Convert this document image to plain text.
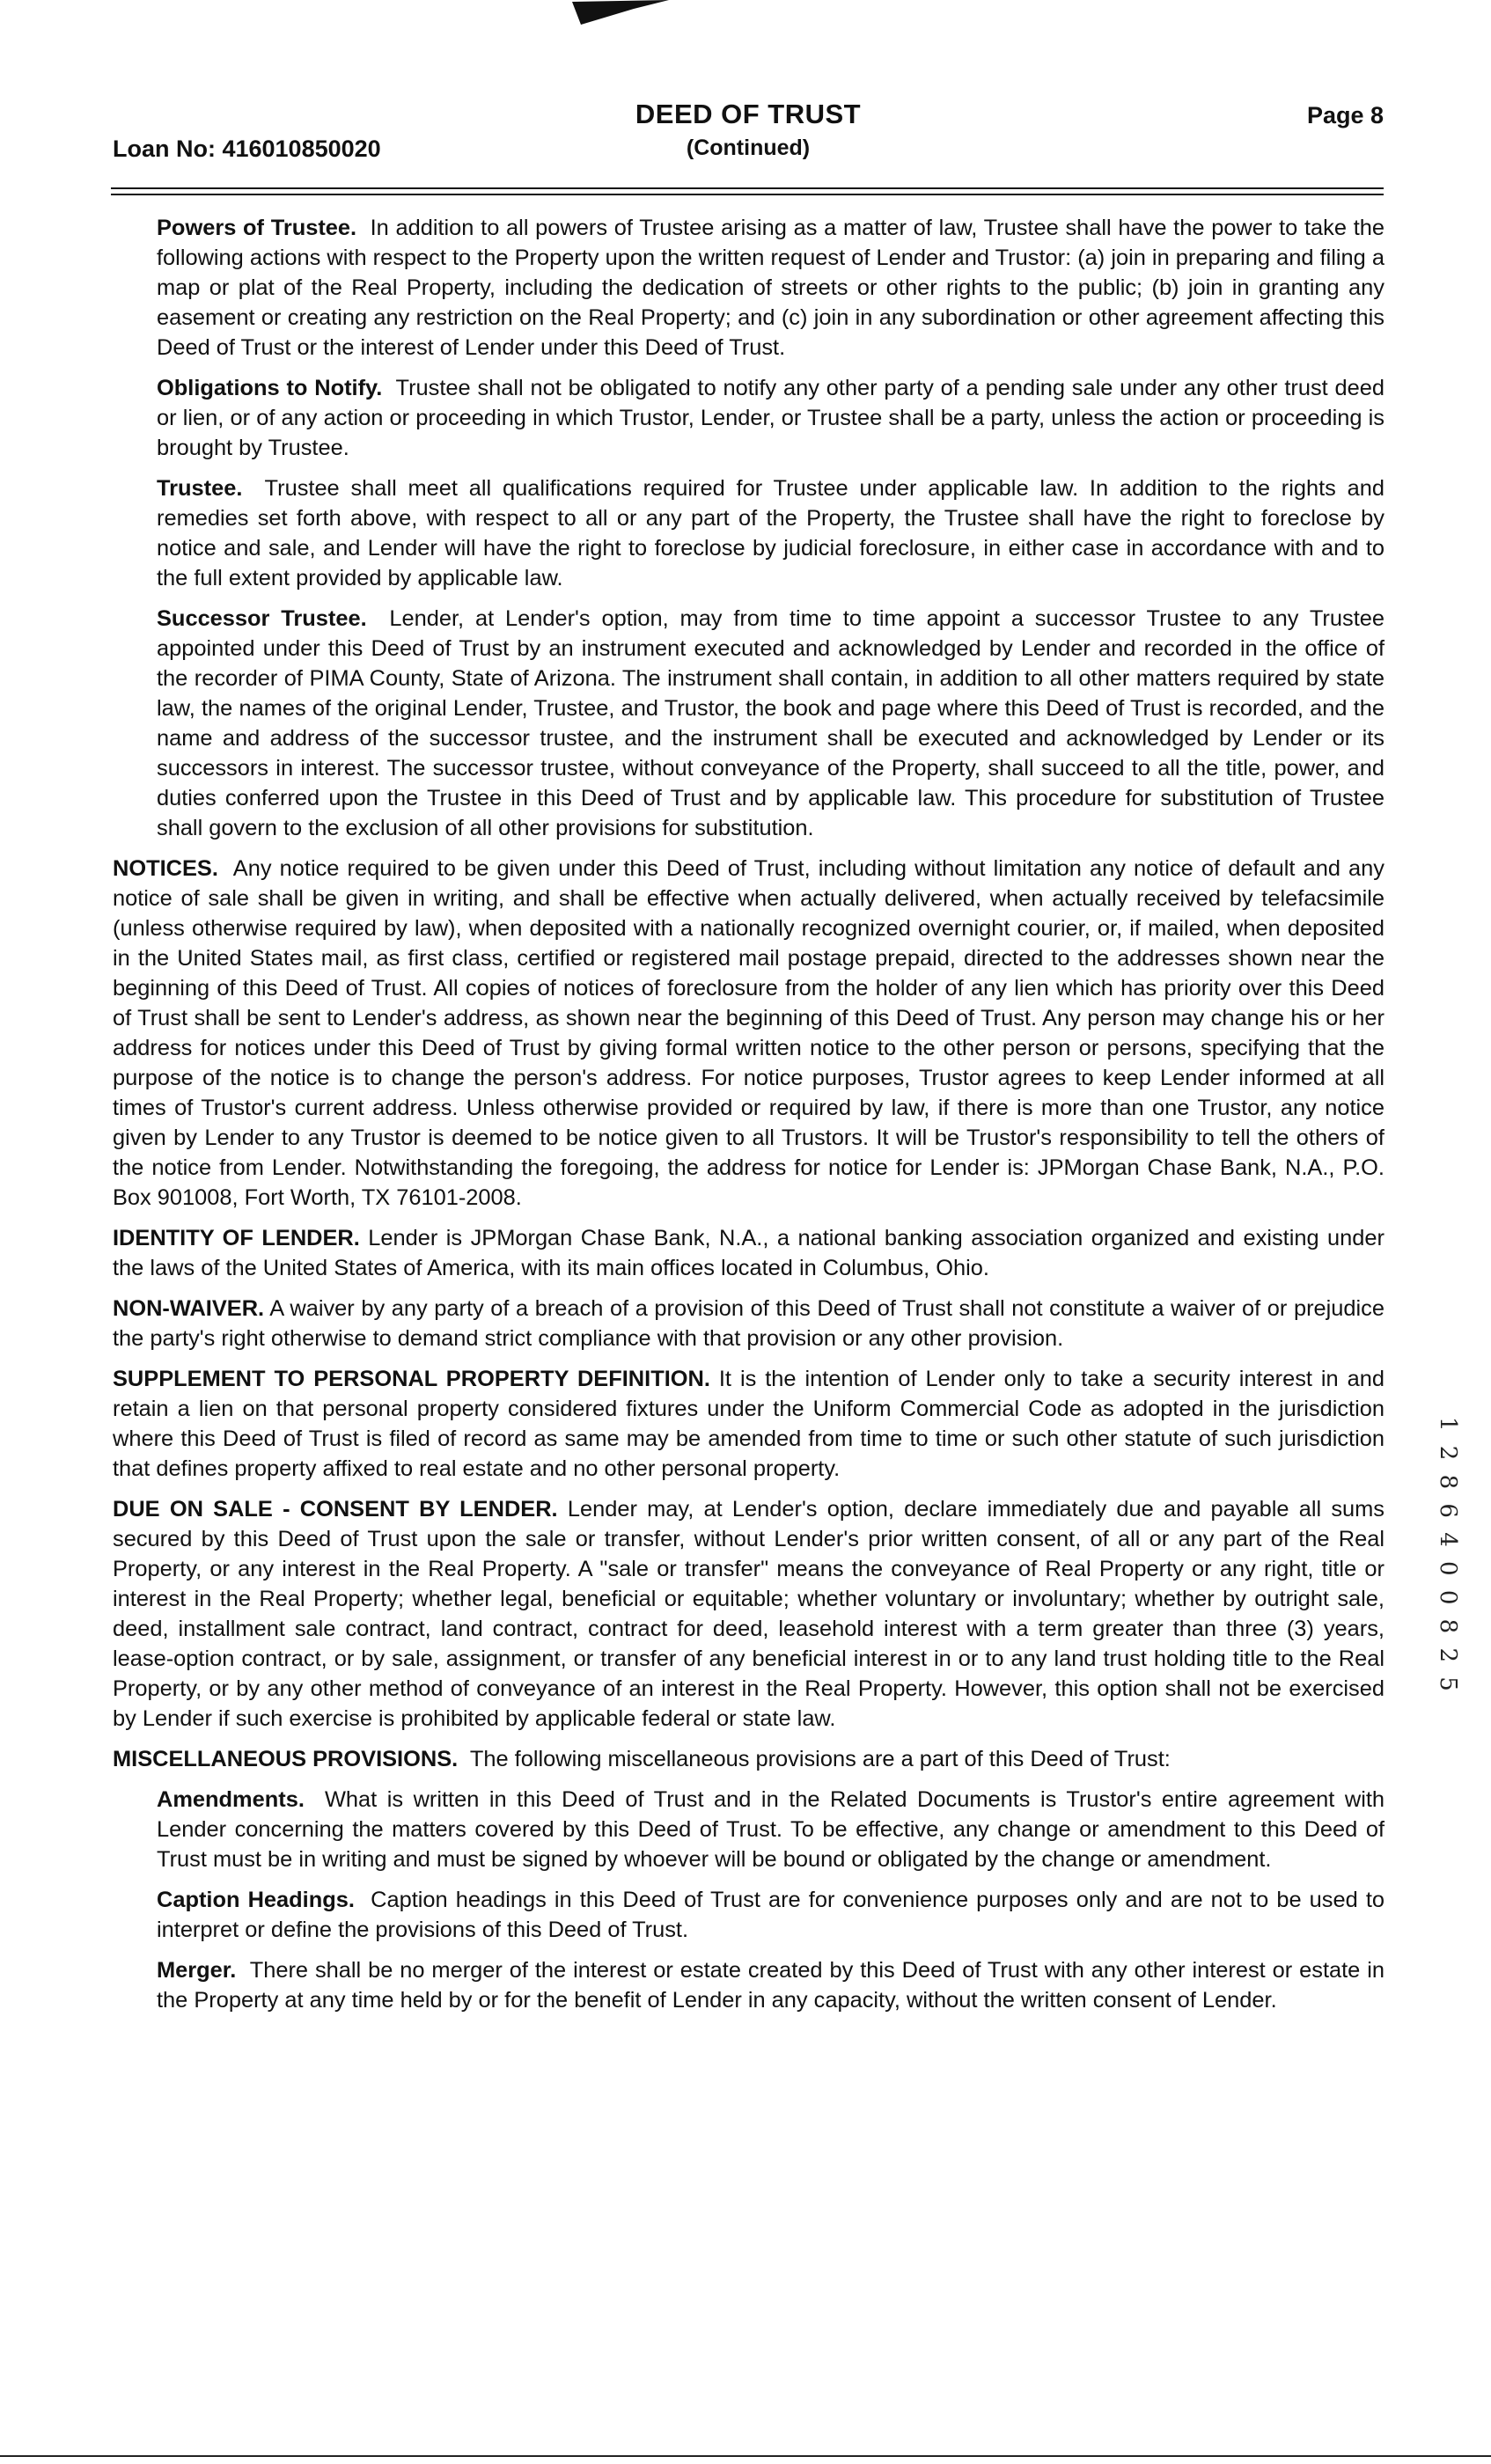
Loan No: 416010850020
DEED OF TRUST
(Continued)
Page 8

Powers of Trustee. In addition to all powers of Trustee arising as a matter of law, Trustee shall have the power to take the following actions with respect to the Property upon the written request of Lender and Trustor: (a) join in preparing and filing a map or plat of the Real Property, including the dedication of streets or other rights to the public; (b) join in granting any easement or creating any restriction on the Real Property; and (c) join in any subordination or other agreement affecting this Deed of Trust or the interest of Lender under this Deed of Trust.

Obligations to Notify. Trustee shall not be obligated to notify any other party of a pending sale under any other trust deed or lien, or of any action or proceeding in which Trustor, Lender, or Trustee shall be a party, unless the action or proceeding is brought by Trustee.

Trustee. Trustee shall meet all qualifications required for Trustee under applicable law. In addition to the rights and remedies set forth above, with respect to all or any part of the Property, the Trustee shall have the right to foreclose by notice and sale, and Lender will have the right to foreclose by judicial foreclosure, in either case in accordance with and to the full extent provided by applicable law.

Successor Trustee. Lender, at Lender's option, may from time to time appoint a successor Trustee to any Trustee appointed under this Deed of Trust by an instrument executed and acknowledged by Lender and recorded in the office of the recorder of PIMA County, State of Arizona. The instrument shall contain, in addition to all other matters required by state law, the names of the original Lender, Trustee, and Trustor, the book and page where this Deed of Trust is recorded, and the name and address of the successor trustee, and the instrument shall be executed and acknowledged by Lender or its successors in interest. The successor trustee, without conveyance of the Property, shall succeed to all the title, power, and duties conferred upon the Trustee in this Deed of Trust and by applicable law. This procedure for substitution of Trustee shall govern to the exclusion of all other provisions for substitution.

NOTICES. Any notice required to be given under this Deed of Trust, including without limitation any notice of default and any notice of sale shall be given in writing, and shall be effective when actually delivered, when actually received by telefacsimile (unless otherwise required by law), when deposited with a nationally recognized overnight courier, or, if mailed, when deposited in the United States mail, as first class, certified or registered mail postage prepaid, directed to the addresses shown near the beginning of this Deed of Trust. All copies of notices of foreclosure from the holder of any lien which has priority over this Deed of Trust shall be sent to Lender's address, as shown near the beginning of this Deed of Trust. Any person may change his or her address for notices under this Deed of Trust by giving formal written notice to the other person or persons, specifying that the purpose of the notice is to change the person's address. For notice purposes, Trustor agrees to keep Lender informed at all times of Trustor's current address. Unless otherwise provided or required by law, if there is more than one Trustor, any notice given by Lender to any Trustor is deemed to be notice given to all Trustors. It will be Trustor's responsibility to tell the others of the notice from Lender. Notwithstanding the foregoing, the address for notice for Lender is: JPMorgan Chase Bank, N.A., P.O. Box 901008, Fort Worth, TX 76101-2008.

IDENTITY OF LENDER. Lender is JPMorgan Chase Bank, N.A., a national banking association organized and existing under the laws of the United States of America, with its main offices located in Columbus, Ohio.

NON-WAIVER. A waiver by any party of a breach of a provision of this Deed of Trust shall not constitute a waiver of or prejudice the party's right otherwise to demand strict compliance with that provision or any other provision.

SUPPLEMENT TO PERSONAL PROPERTY DEFINITION. It is the intention of Lender only to take a security interest in and retain a lien on that personal property considered fixtures under the Uniform Commercial Code as adopted in the jurisdiction where this Deed of Trust is filed of record as same may be amended from time to time or such other statute of such jurisdiction that defines property affixed to real estate and no other personal property.

DUE ON SALE - CONSENT BY LENDER. Lender may, at Lender's option, declare immediately due and payable all sums secured by this Deed of Trust upon the sale or transfer, without Lender's prior written consent, of all or any part of the Real Property, or any interest in the Real Property. A "sale or transfer" means the conveyance of Real Property or any right, title or interest in the Real Property; whether legal, beneficial or equitable; whether voluntary or involuntary; whether by outright sale, deed, installment sale contract, land contract, contract for deed, leasehold interest with a term greater than three (3) years, lease-option contract, or by sale, assignment, or transfer of any beneficial interest in or to any land trust holding title to the Real Property, or by any other method of conveyance of an interest in the Real Property. However, this option shall not be exercised by Lender if such exercise is prohibited by applicable federal or state law.

MISCELLANEOUS PROVISIONS. The following miscellaneous provisions are a part of this Deed of Trust:

Amendments. What is written in this Deed of Trust and in the Related Documents is Trustor's entire agreement with Lender concerning the matters covered by this Deed of Trust. To be effective, any change or amendment to this Deed of Trust must be in writing and must be signed by whoever will be bound or obligated by the change or amendment.

Caption Headings. Caption headings in this Deed of Trust are for convenience purposes only and are not to be used to interpret or define the provisions of this Deed of Trust.

Merger. There shall be no merger of the interest or estate created by this Deed of Trust with any other interest or estate in the Property at any time held by or for the benefit of Lender in any capacity, without the written consent of Lender.

1 2 8 6 4 0 0 8 2 5
